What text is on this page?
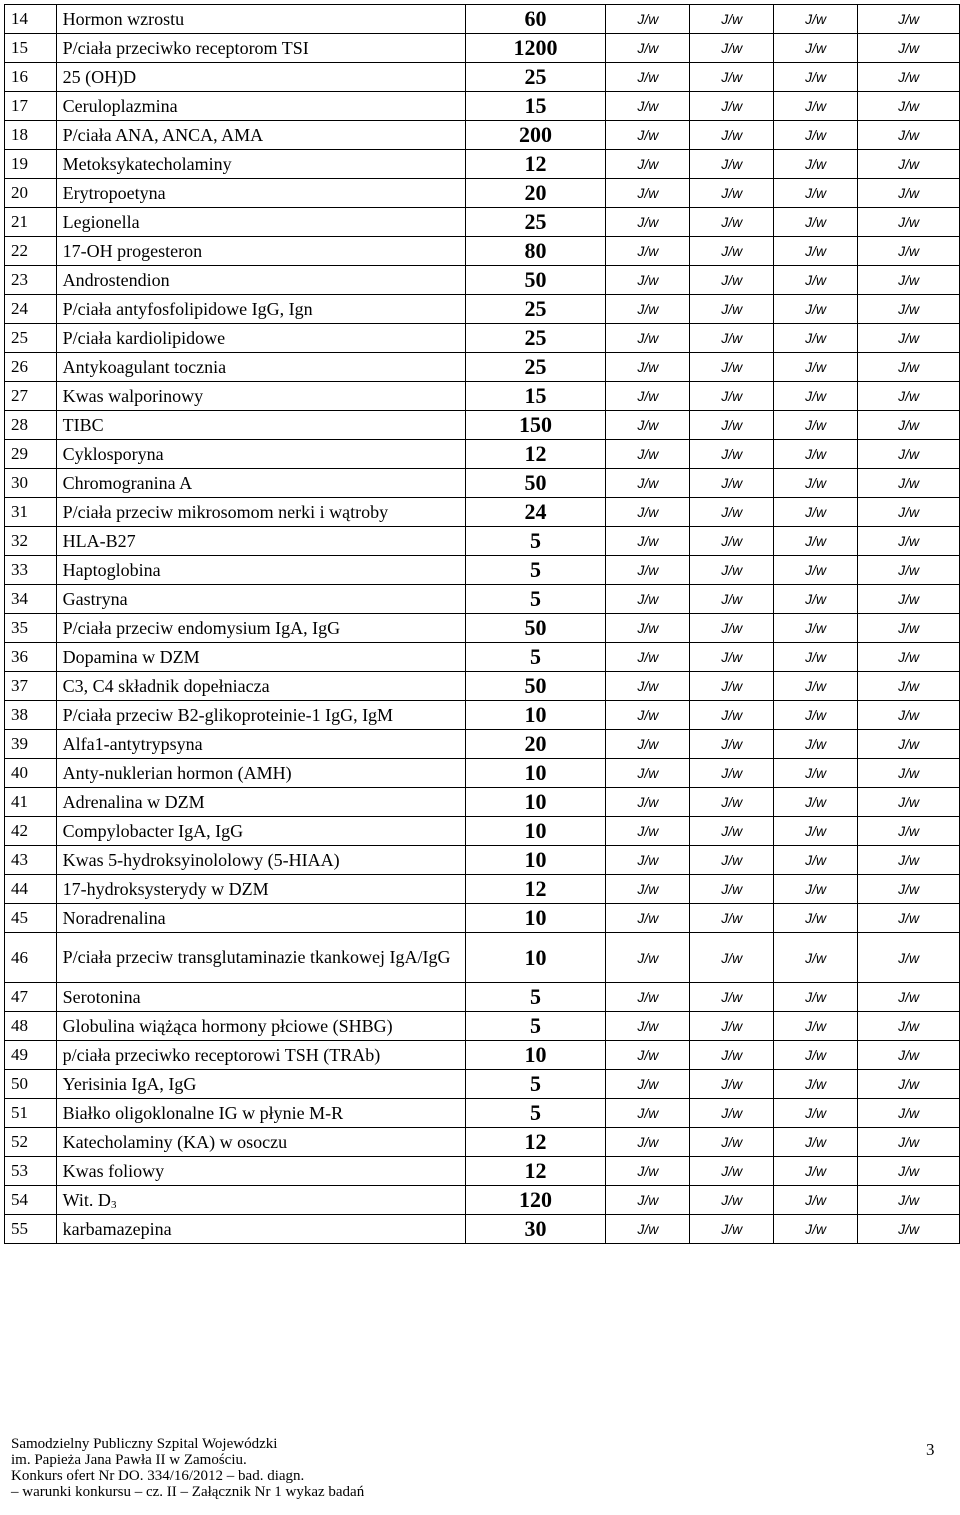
14	Hormon wzrostu	60	J/w	J/w	J/w	J/w
15	P/ciała przeciwko receptorom TSI	1200	J/w	J/w	J/w	J/w
16	25 (OH)D	25	J/w	J/w	J/w	J/w
17	Ceruloplazmina	15	J/w	J/w	J/w	J/w
18	P/ciała ANA, ANCA, AMA	200	J/w	J/w	J/w	J/w
19	Metoksykatecholaminy	12	J/w	J/w	J/w	J/w
20	Erytropoetyna	20	J/w	J/w	J/w	J/w
21	Legionella	25	J/w	J/w	J/w	J/w
22	17-OH progesteron	80	J/w	J/w	J/w	J/w
23	Androstendion	50	J/w	J/w	J/w	J/w
24	P/ciała antyfosfolipidowe IgG, Ign	25	J/w	J/w	J/w	J/w
25	P/ciała kardiolipidowe	25	J/w	J/w	J/w	J/w
26	Antykoagulant tocznia	25	J/w	J/w	J/w	J/w
27	Kwas walporinowy	15	J/w	J/w	J/w	J/w
28	TIBC	150	J/w	J/w	J/w	J/w
29	Cyklosporyna	12	J/w	J/w	J/w	J/w
30	Chromogranina A	50	J/w	J/w	J/w	J/w
31	P/ciała przeciw mikrosomom nerki i wątroby	24	J/w	J/w	J/w	J/w
32	HLA-B27	5	J/w	J/w	J/w	J/w
33	Haptoglobina	5	J/w	J/w	J/w	J/w
34	Gastryna	5	J/w	J/w	J/w	J/w
35	P/ciała przeciw endomysium IgA, IgG	50	J/w	J/w	J/w	J/w
36	Dopamina w DZM	5	J/w	J/w	J/w	J/w
37	C3, C4 składnik dopełniacza	50	J/w	J/w	J/w	J/w
38	P/ciała przeciw B2-glikoproteinie-1 IgG, IgM	10	J/w	J/w	J/w	J/w
39	Alfa1-antytrypsyna	20	J/w	J/w	J/w	J/w
40	Anty-nuklerian hormon (AMH)	10	J/w	J/w	J/w	J/w
41	Adrenalina w DZM	10	J/w	J/w	J/w	J/w
42	Compylobacter IgA, IgG	10	J/w	J/w	J/w	J/w
43	Kwas 5-hydroksyinololowy (5-HIAA)	10	J/w	J/w	J/w	J/w
44	17-hydroksysterydy w DZM	12	J/w	J/w	J/w	J/w
45	Noradrenalina	10	J/w	J/w	J/w	J/w
46	P/ciała przeciw transglutaminazie tkankowej IgA/IgG	10	J/w	J/w	J/w	J/w
47	Serotonina	5	J/w	J/w	J/w	J/w
48	Globulina wiążąca hormony płciowe (SHBG)	5	J/w	J/w	J/w	J/w
49	p/ciała przeciwko receptorowi TSH (TRAb)	10	J/w	J/w	J/w	J/w
50	Yerisinia IgA, IgG	5	J/w	J/w	J/w	J/w
51	Białko oligoklonalne IG w płynie M-R	5	J/w	J/w	J/w	J/w
52	Katecholaminy (KA) w osoczu	12	J/w	J/w	J/w	J/w
53	Kwas foliowy	12	J/w	J/w	J/w	J/w
54	Wit. $D_3$	120	J/w	J/w	J/w	J/w
55	karbamazepina	30	J/w	J/w	J/w	J/w
Samodzielny Publiczny Szpital Wojewódzki
im. Papieża Jana Pawła II w Zamościu.
Konkurs ofert Nr DO. 334/16/2012 – bad. diagn.
– warunki konkursu – cz. II – Załącznik Nr 1 wykaz badań
3
